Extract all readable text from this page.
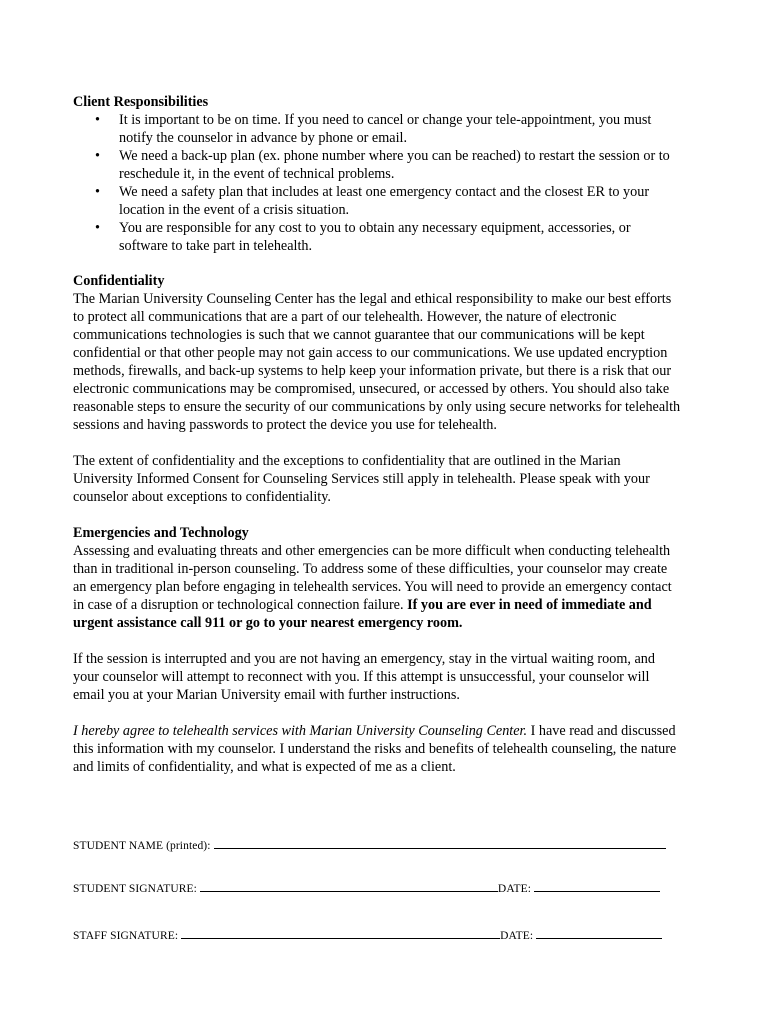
Client Responsibilities
• It is important to be on time. If you need to cancel or change your tele-appointment, you must notify the counselor in advance by phone or email.
• We need a back-up plan (ex. phone number where you can be reached) to restart the session or to reschedule it, in the event of technical problems.
• We need a safety plan that includes at least one emergency contact and the closest ER to your location in the event of a crisis situation.
• You are responsible for any cost to you to obtain any necessary equipment, accessories, or software to take part in telehealth.
Confidentiality

The Marian University Counseling Center has the legal and ethical responsibility to make our best efforts to protect all communications that are a part of our telehealth. However, the nature of electronic communications technologies is such that we cannot guarantee that our communications will be kept confidential or that other people may not gain access to our communications. We use updated encryption methods, firewalls, and back-up systems to help keep your information private, but there is a risk that our electronic communications may be compromised, unsecured, or accessed by others. You should also take reasonable steps to ensure the security of our communications by only using secure networks for telehealth sessions and having passwords to protect the device you use for telehealth.

The extent of confidentiality and the exceptions to confidentiality that are outlined in the Marian University Informed Consent for Counseling Services still apply in telehealth. Please speak with your counselor about exceptions to confidentiality.

Emergencies and Technology

Assessing and evaluating threats and other emergencies can be more difficult when conducting telehealth than in traditional in-person counseling. To address some of these difficulties, your counselor may create an emergency plan before engaging in telehealth services. You will need to provide an emergency contact in case of a disruption or technological connection failure. If you are ever in need of immediate and urgent assistance call 911 or go to your nearest emergency room.

If the session is interrupted and you are not having an emergency, stay in the virtual waiting room, and your counselor will attempt to reconnect with you. If this attempt is unsuccessful, your counselor will email you at your Marian University email with further instructions.

I hereby agree to telehealth services with Marian University Counseling Center. I have read and discussed this information with my counselor. I understand the risks and benefits of telehealth counseling, the nature and limits of confidentiality, and what is expected of me as a client.

STUDENT NAME (printed):
STUDENT SIGNATURE:	DATE:
STAFF SIGNATURE:	DATE:
